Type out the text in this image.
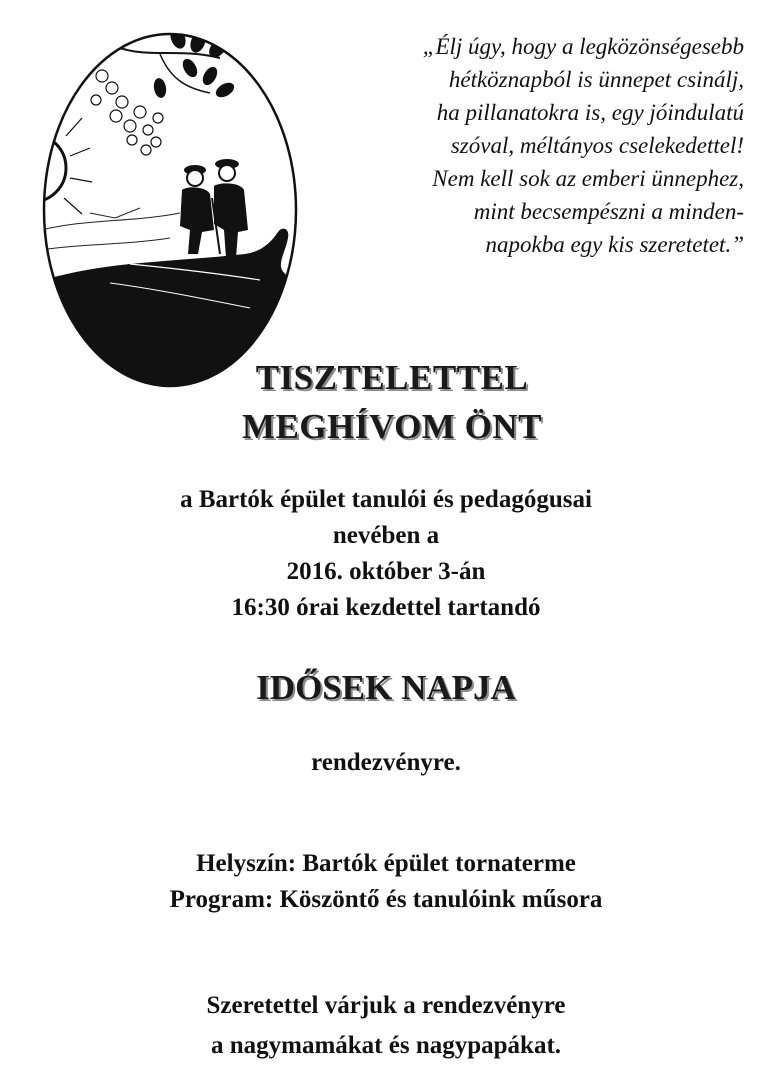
„Élj úgy, hogy a legközönségesebb
hétköznapból is ünnepet csinálj,
ha pillanatokra is, egy jóindulatú
szóval, méltányos cselekedettel!
Nem kell sok az emberi ünnephez,
mint becsempészni a minden-
napokba egy kis szeretetet.”
TISZTELETTEL
MEGHÍVOM ÖNT
a Bartók épület tanulói és pedagógusai
nevében a
2016. október 3-án
16:30 órai kezdettel tartandó
IDŐSEK NAPJA
rendezvényre.
Helyszín: Bartók épület tornaterme
Program: Köszöntő és tanulóink műsora
Szeretettel várjuk a rendezvényre
a nagymamákat és nagypapákat.
